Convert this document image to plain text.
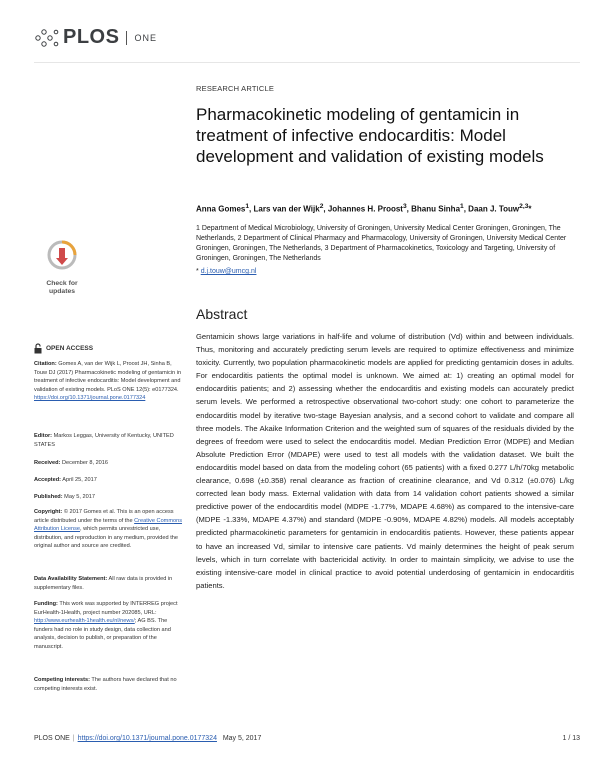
PLOS ONE
Check for
updates
RESEARCH ARTICLE
Pharmacokinetic modeling of gentamicin in treatment of infective endocarditis: Model development and validation of existing models
Anna Gomes$^1$, Lars van der Wijk$^2$, Johannes H. Proost$^3$, Bhanu Sinha$^1$, Daan J. Touw$^{2,3}$*
1 Department of Medical Microbiology, University of Groningen, University Medical Center Groningen, Groningen, The Netherlands, 2 Department of Clinical Pharmacy and Pharmacology, University of Groningen, University Medical Center Groningen, Groningen, The Netherlands, 3 Department of Pharmacokinetics, Toxicology and Targeting, University of Groningen, Groningen, The Netherlands
* d.j.touw@umcg.nl
Abstract
Gentamicin shows large variations in half-life and volume of distribution (Vd) within and between individuals. Thus, monitoring and accurately predicting serum levels are required to optimize effectiveness and minimize toxicity. Currently, two population pharmacokinetic models are applied for predicting gentamicin doses in adults. For endocarditis patients the optimal model is unknown. We aimed at: 1) creating an optimal model for endocarditis patients; and 2) assessing whether the endocarditis and existing models can accurately predict serum levels. We performed a retrospective observational two-cohort study: one cohort to parameterize the endocarditis model by iterative two-stage Bayesian analysis, and a second cohort to validate and compare all three models. The Akaike Information Criterion and the weighted sum of squares of the residuals divided by the degrees of freedom were used to select the endocarditis model. Median Prediction Error (MDPE) and Median Absolute Prediction Error (MDAPE) were used to test all models with the validation dataset. We built the endocarditis model based on data from the modeling cohort (65 patients) with a fixed 0.277 L/h/70kg metabolic clearance, 0.698 (±0.358) renal clearance as fraction of creatinine clearance, and Vd 0.312 (±0.076) L/kg corrected lean body mass. External validation with data from 14 validation cohort patients showed a similar predictive power of the endocarditis model (MDPE -1.77%, MDAPE 4.68%) as compared to the intensive-care (MDPE -1.33%, MDAPE 4.37%) and standard (MDPE -0.90%, MDAPE 4.82%) models. All models acceptably predicted pharmacokinetic parameters for gentamicin in endocarditis patients. However, these patients appear to have an increased Vd, similar to intensive care patients. Vd mainly determines the height of peak serum levels, which in turn correlate with bactericidal activity. In order to maintain simplicity, we advise to use the existing intensive-care model in clinical practice to avoid potential underdosing of gentamicin in endocarditis patients.
OPEN ACCESS
Citation: Gomes A, van der Wijk L, Proost JH, Sinha B, Touw DJ (2017) Pharmacokinetic modeling of gentamicin in treatment of infective endocarditis: Model development and validation of existing models. PLoS ONE 12(5): e0177324. https://doi.org/10.1371/journal.pone.0177324
Editor: Markos Leggas, University of Kentucky, UNITED STATES
Received: December 8, 2016
Accepted: April 25, 2017
Published: May 5, 2017
Copyright: © 2017 Gomes et al. This is an open access article distributed under the terms of the Creative Commons Attribution License, which permits unrestricted use, distribution, and reproduction in any medium, provided the original author and source are credited.
Data Availability Statement: All raw data is provided in supplementary files.
Funding: This work was supported by INTERREG project EurHealth-1Health, project number 202085, URL: http://www.eurhealth-1health.eu/nl/news/; AG BS. The funders had no role in study design, data collection and analysis, decision to publish, or preparation of the manuscript.
Competing interests: The authors have declared that no competing interests exist.
PLOS ONE | https://doi.org/10.1371/journal.pone.0177324 May 5, 2017	1 / 13
